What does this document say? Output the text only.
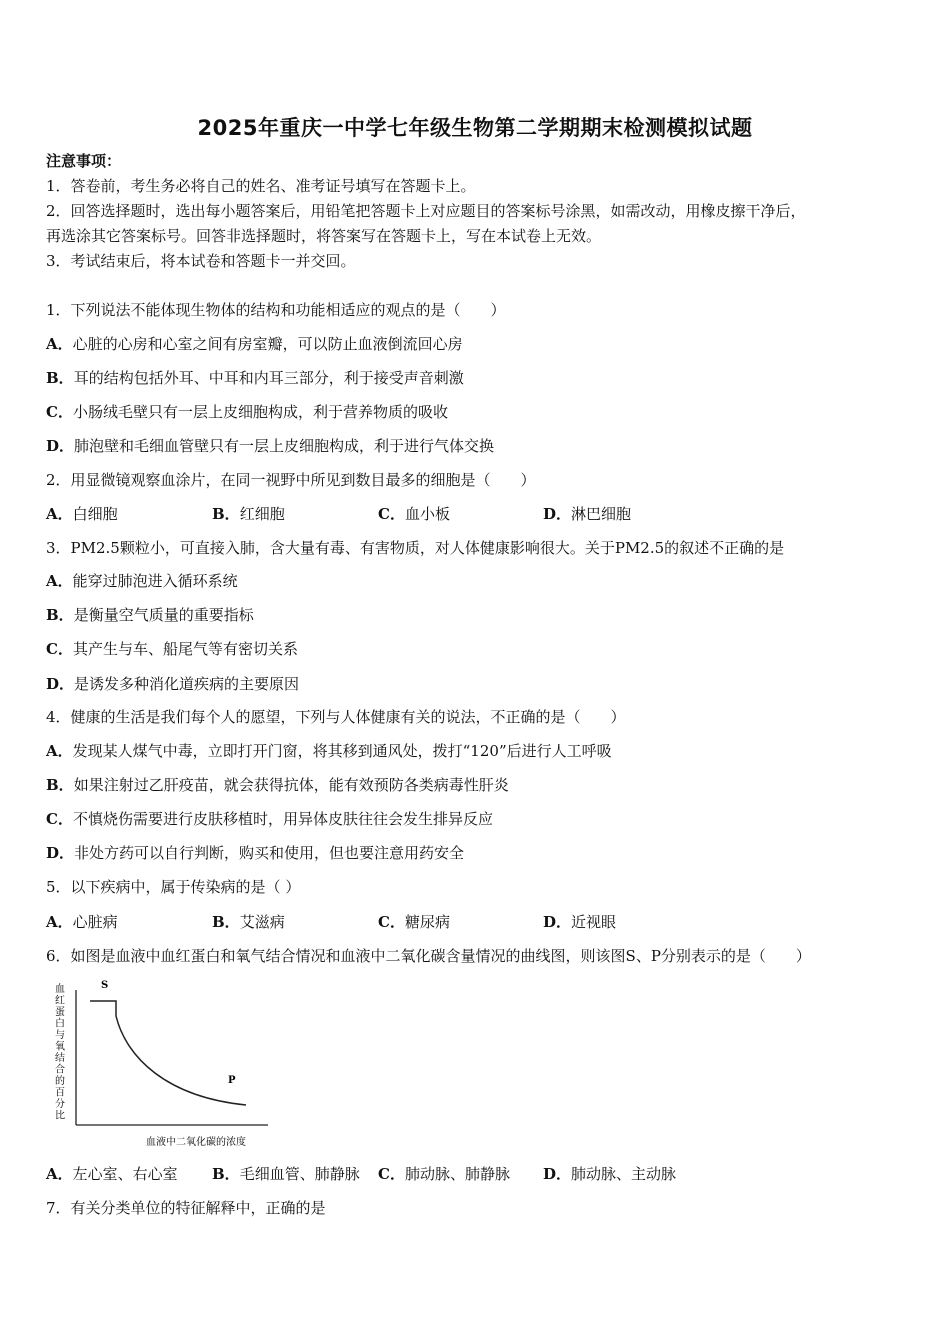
2025年重庆一中学七年级生物第二学期期末检测模拟试题
注意事项：
1．答卷前，考生务必将自己的姓名、准考证号填写在答题卡上。
2．回答选择题时，选出每小题答案后，用铅笔把答题卡上对应题目的答案标号涂黑，如需改动，用橡皮擦干净后，
再选涂其它答案标号。回答非选择题时，将答案写在答题卡上，写在本试卷上无效。
3．考试结束后，将本试卷和答题卡一并交回。
1．下列说法不能体现生物体的结构和功能相适应的观点的是（　　）
A．心脏的心房和心室之间有房室瓣，可以防止血液倒流回心房
B．耳的结构包括外耳、中耳和内耳三部分，利于接受声音刺激
C．小肠绒毛壁只有一层上皮细胞构成，利于营养物质的吸收
D．肺泡壁和毛细血管壁只有一层上皮细胞构成，利于进行气体交换
2．用显微镜观察血涂片，在同一视野中所见到数目最多的细胞是（　　）
A．白细胞	B．红细胞	C．血小板	D．淋巴细胞
3．PM2.5颗粒小，可直接入肺，含大量有毒、有害物质，对人体健康影响很大。关于PM2.5的叙述不正确的是
A．能穿过肺泡进入循环系统
B．是衡量空气质量的重要指标
C．其产生与车、船尾气等有密切关系
D．是诱发多种消化道疾病的主要原因
4．健康的生活是我们每个人的愿望，下列与人体健康有关的说法，不正确的是（　　）
A．发现某人煤气中毒，立即打开门窗，将其移到通风处，拨打“120”后进行人工呼吸
B．如果注射过乙肝疫苗，就会获得抗体，能有效预防各类病毒性肝炎
C．不慎烧伤需要进行皮肤移植时，用异体皮肤往往会发生排异反应
D．非处方药可以自行判断，购买和使用，但也要注意用药安全
5．以下疾病中，属于传染病的是（ ）
A．心脏病	B．艾滋病	C．糖尿病	D．近视眼
6．如图是血液中血红蛋白和氧气结合情况和血液中二氧化碳含量情况的曲线图，则该图S、P分别表示的是（　　）
血
红
蛋
白
与
氧
结
合
的
百
分
比
S
P
血液中二氧化碳的浓度
A．左心室、右心室 B．毛细血管、肺静脉 C．肺动脉、肺静脉 D．肺动脉、主动脉
7．有关分类单位的特征解释中，正确的是
